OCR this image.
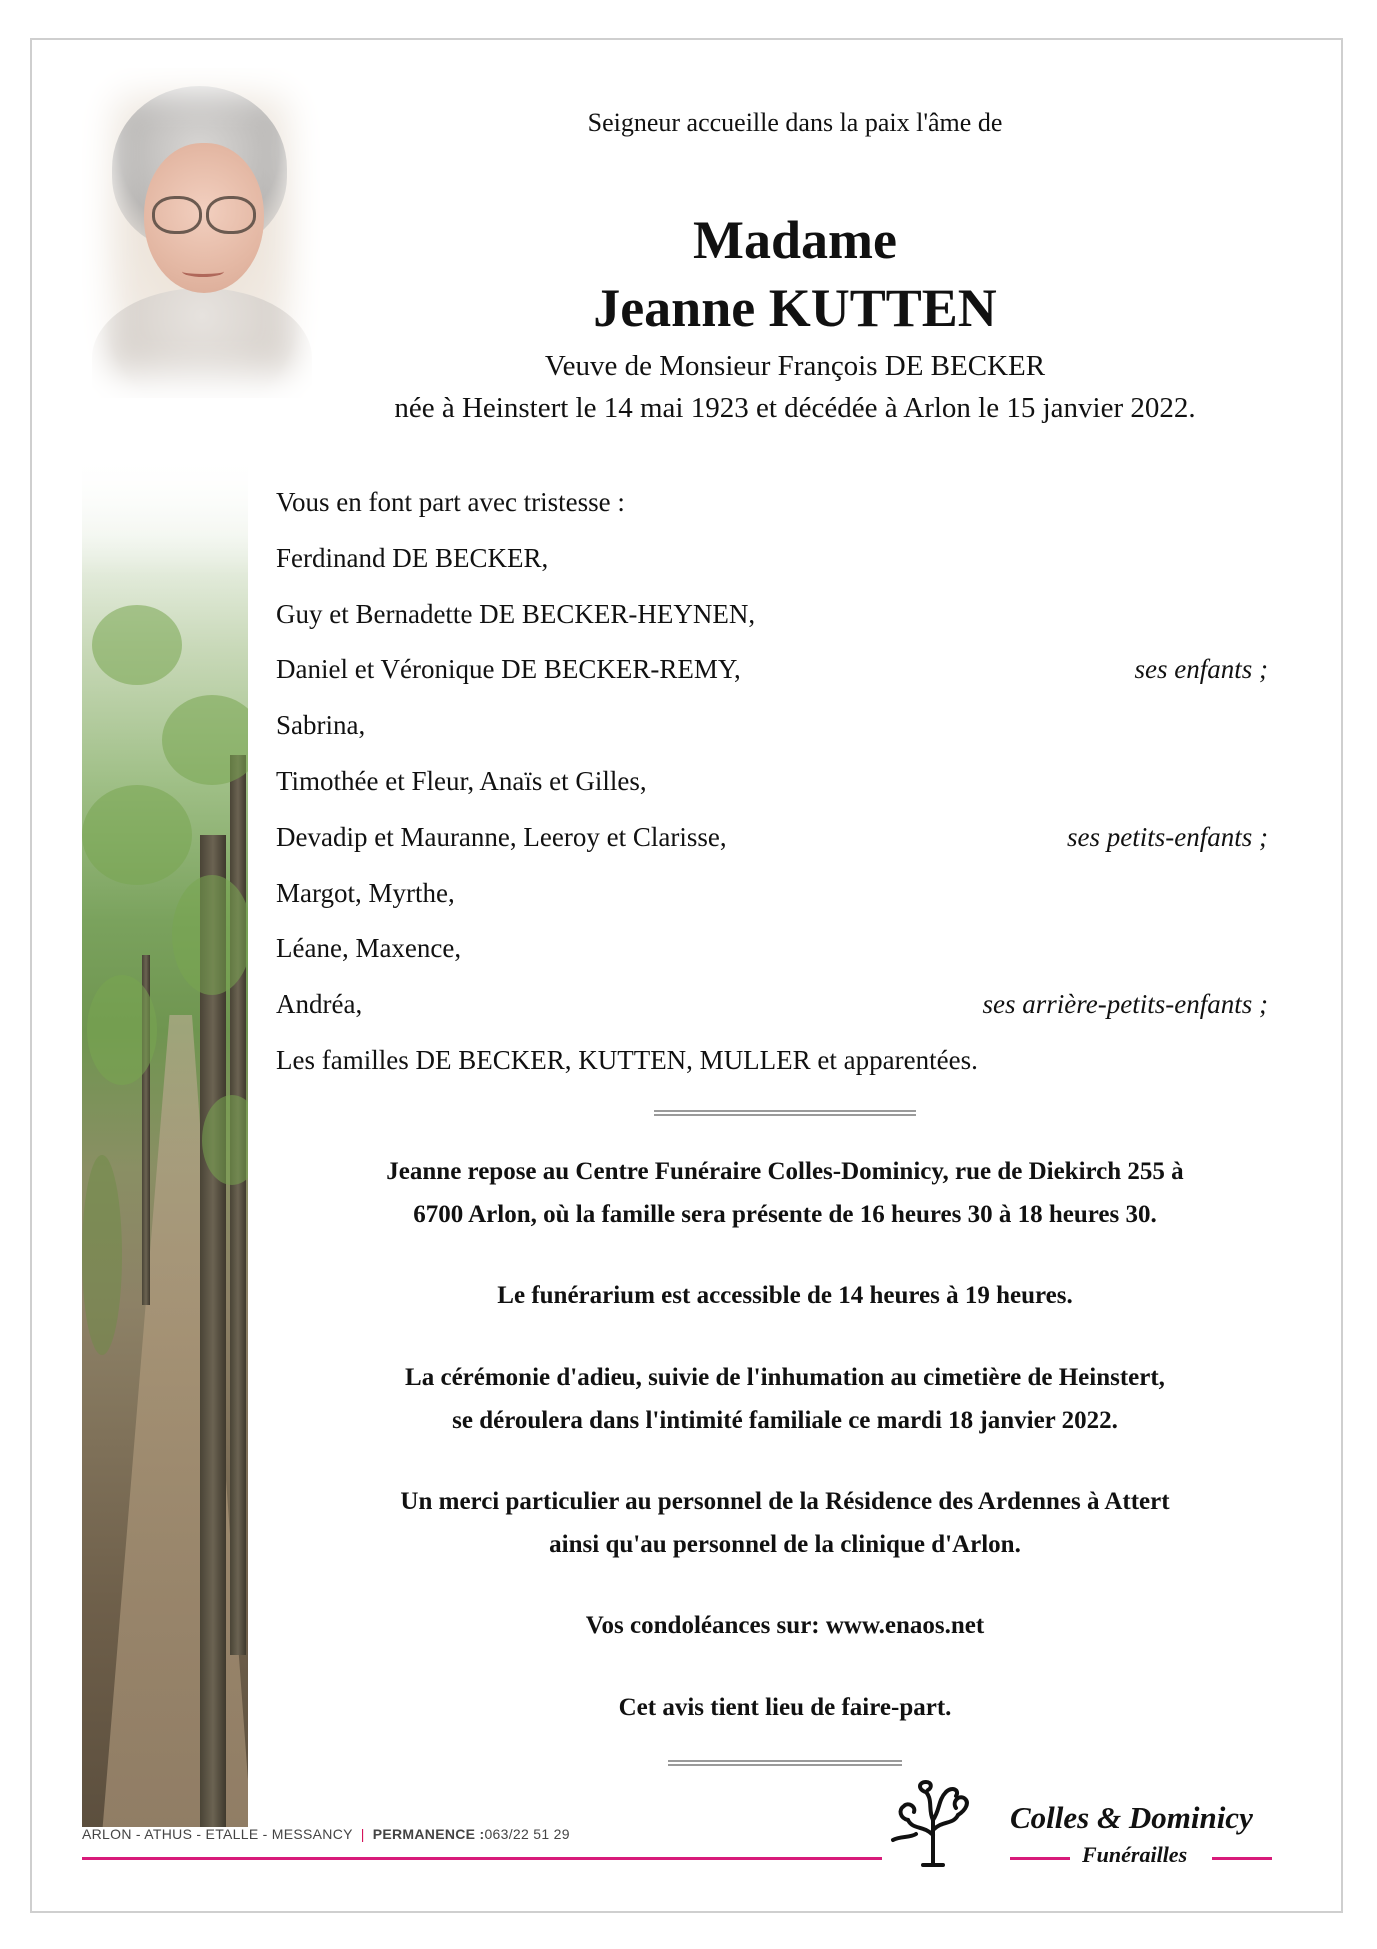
Seigneur accueille dans la paix l'âme de
Madame
Jeanne KUTTEN
Veuve de Monsieur François DE BECKER
née à Heinstert le 14 mai 1923 et décédée à Arlon le 15 janvier 2022.
Vous en font part avec tristesse :
Ferdinand DE BECKER,
Guy et Bernadette DE BECKER-HEYNEN,
Daniel et Véronique DE BECKER-REMY,	ses enfants ;
Sabrina,
Timothée et Fleur, Anaïs et Gilles,
Devadip et Mauranne, Leeroy et Clarisse,	ses petits-enfants ;
Margot, Myrthe,
Léane, Maxence,
Andréa,	ses arrière-petits-enfants ;
Les familles DE BECKER, KUTTEN, MULLER et apparentées.
Jeanne repose au Centre Funéraire Colles-Dominicy, rue de Diekirch 255 à
6700 Arlon, où la famille sera présente de 16 heures 30 à 18 heures 30.
Le funérarium est accessible de 14 heures à 19 heures.
La cérémonie d'adieu, suivie de l'inhumation au cimetière de Heinstert,
se déroulera dans l'intimité familiale ce mardi 18 janvier 2022.
Un merci particulier au personnel de la Résidence des Ardennes à Attert
ainsi qu'au personnel de la clinique d'Arlon.
Vos condoléances sur: www.enaos.net
Cet avis tient lieu de faire-part.
ARLON - ATHUS - ETALLE - MESSANCY | PERMANENCE :063/22 51 29	Colles & Dominicy
Funérailles
